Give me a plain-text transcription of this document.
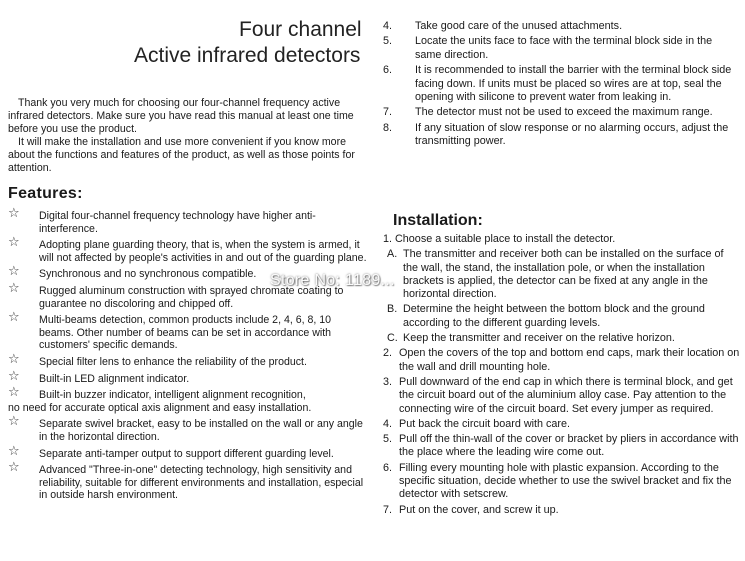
Four channel
Active infrared detectors

Thank you very much for choosing our four-channel frequency active infrared detectors. Make sure you have read this manual at least one time before you use the product.

It will make the installation and use more convenient if you know more about the functions and features of the product, as well as those points for attention.

Features:
☆ Digital four-channel frequency technology have higher anti-interference.
☆ Adopting plane guarding theory, that is, when the system is armed, it will not affected by people's activities in and out of the guarding plane.
☆ Synchronous and no synchronous compatible.
☆ Rugged aluminum construction with sprayed chromate coating to guarantee no discoloring and chipped off.
☆ Multi-beams detection, common products include 2, 4, 6, 8, 10 beams. Other number of beams can be set in accordance with customers' specific demands.
☆ Special filter lens to enhance the reliability of the product.
☆ Built-in LED alignment indicator.
☆ Built-in buzzer indicator, intelligent alignment recognition,
no need for accurate optical axis alignment and easy installation.
☆ Separate swivel bracket, easy to be installed on the wall or any angle in the horizontal direction.
☆ Separate anti-tamper output to support different guarding level.
☆ Advanced "Three-in-one" detecting technology, high sensitivity and reliability, suitable for different environments and installation, especial in outside harsh environment.
4. Take good care of the unused attachments.
5. Locate the units face to face with the terminal block side in the same direction.
6. It is recommended to install the barrier with the terminal block side facing down. If units must be placed so wires are at top, seal the opening with silicone to prevent water from leaking in.
7. The detector must not be used to exceed the maximum range.
8. If any situation of slow response or no alarming occurs, adjust the transmitting power.
Installation:
1. Choose a suitable place to install the detector.
A. The transmitter and receiver both can be installed on the surface of the wall, the stand, the installation pole, or when the installation brackets is applied, the detector can be fixed at any angle in the horizontal direction.
B. Determine the height between the bottom block and the ground according to the different guarding levels.
C. Keep the transmitter and receiver on the relative horizon.
2. Open the covers of the top and bottom end caps, mark their location on the wall and drill mounting hole.
3. Pull downward of the end cap in which there is terminal block, and get the circuit board out of the aluminium alloy case. Pay attention to the connecting wire of the circuit board. Set every jumper as required.
4. Put back the circuit board with care.
5. Pull off the thin-wall of the cover or bracket by pliers in accordance with the place where the leading wire come out.
6. Filling every mounting hole with plastic expansion. According to the specific situation, decide whether to use the swivel bracket and fix the detector with setscrew.
7. Put on the cover, and screw it up.
Store No: 1189...
